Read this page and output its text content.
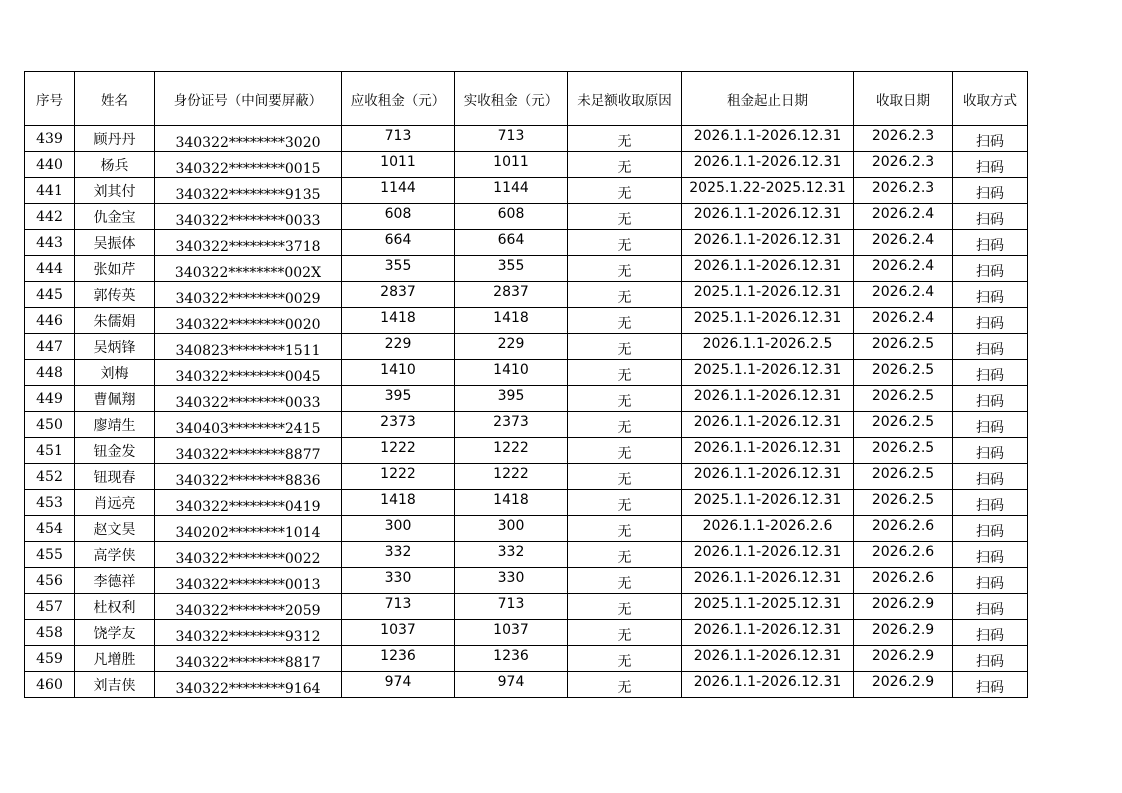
序号	姓名	身份证号（中间要屏蔽）	应收租金（元）	实收租金（元）	未足额收取原因	租金起止日期	收取日期	收取方式
439	顾丹丹	340322********3020	713	713	无	2026.1.1-2026.12.31	2026.2.3	扫码
440	杨兵	340322********0015	1011	1011	无	2026.1.1-2026.12.31	2026.2.3	扫码
441	刘其付	340322********9135	1144	1144	无	2025.1.22-2025.12.31	2026.2.3	扫码
442	仇金宝	340322********0033	608	608	无	2026.1.1-2026.12.31	2026.2.4	扫码
443	吴振体	340322********3718	664	664	无	2026.1.1-2026.12.31	2026.2.4	扫码
444	张如芹	340322********002X	355	355	无	2026.1.1-2026.12.31	2026.2.4	扫码
445	郭传英	340322********0029	2837	2837	无	2025.1.1-2026.12.31	2026.2.4	扫码
446	朱儒娟	340322********0020	1418	1418	无	2025.1.1-2026.12.31	2026.2.4	扫码
447	吴炳锋	340823********1511	229	229	无	2026.1.1-2026.2.5	2026.2.5	扫码
448	刘梅	340322********0045	1410	1410	无	2025.1.1-2026.12.31	2026.2.5	扫码
449	曹佩翔	340322********0033	395	395	无	2026.1.1-2026.12.31	2026.2.5	扫码
450	廖靖生	340403********2415	2373	2373	无	2026.1.1-2026.12.31	2026.2.5	扫码
451	钮金发	340322********8877	1222	1222	无	2026.1.1-2026.12.31	2026.2.5	扫码
452	钮现春	340322********8836	1222	1222	无	2026.1.1-2026.12.31	2026.2.5	扫码
453	肖远亮	340322********0419	1418	1418	无	2025.1.1-2026.12.31	2026.2.5	扫码
454	赵文昊	340202********1014	300	300	无	2026.1.1-2026.2.6	2026.2.6	扫码
455	高学侠	340322********0022	332	332	无	2026.1.1-2026.12.31	2026.2.6	扫码
456	李德祥	340322********0013	330	330	无	2026.1.1-2026.12.31	2026.2.6	扫码
457	杜权利	340322********2059	713	713	无	2025.1.1-2025.12.31	2026.2.9	扫码
458	饶学友	340322********9312	1037	1037	无	2026.1.1-2026.12.31	2026.2.9	扫码
459	凡增胜	340322********8817	1236	1236	无	2026.1.1-2026.12.31	2026.2.9	扫码
460	刘吉侠	340322********9164	974	974	无	2026.1.1-2026.12.31	2026.2.9	扫码
